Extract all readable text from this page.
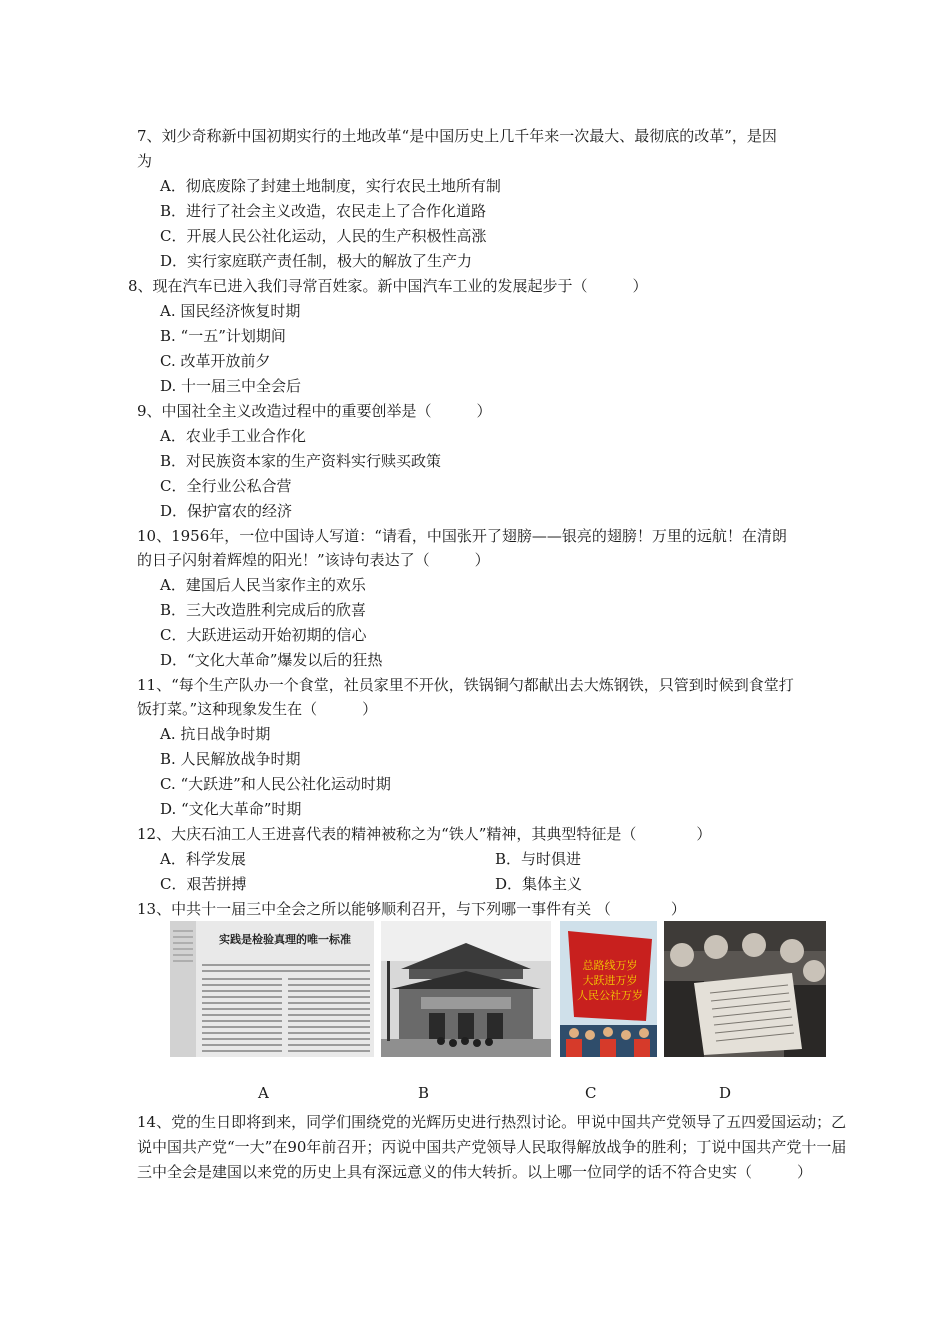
7、刘少奇称新中国初期实行的土地改革“是中国历史上几千年来一次最大、最彻底的改革”，是因
为
A．彻底废除了封建土地制度，实行农民土地所有制
B．进行了社会主义改造，农民走上了合作化道路
C．开展人民公社化运动，人民的生产积极性高涨
D．实行家庭联产责任制，极大的解放了生产力
8、现在汽车已进入我们寻常百姓家。新中国汽车工业的发展起步于（　　　）
A. 国民经济恢复时期
B. “一五”计划期间
C. 改革开放前夕
D. 十一届三中全会后
9、中国社全主义改造过程中的重要创举是（　　　）
A．农业手工业合作化
B．对民族资本家的生产资料实行赎买政策
C．全行业公私合营
D．保护富农的经济
10、1956年，一位中国诗人写道：“请看，中国张开了翅膀——银亮的翅膀！万里的远航！在清朗
的日子闪射着辉煌的阳光！”该诗句表达了（　　　）
A．建国后人民当家作主的欢乐
B．三大改造胜利完成后的欣喜
C．大跃进运动开始初期的信心
D．“文化大革命”爆发以后的狂热
11、“每个生产队办一个食堂，社员家里不开伙，铁锅铜勺都献出去大炼钢铁，只管到时候到食堂打
饭打菜。”这种现象发生在（　　　）
A. 抗日战争时期
B. 人民解放战争时期
C. “大跃进”和人民公社化运动时期
D. “文化大革命”时期
12、大庆石油工人王进喜代表的精神被称之为“铁人”精神，其典型特征是（　　　　）
A．科学发展	B．与时俱进
C．艰苦拼搏	D．集体主义
13、中共十一届三中全会之所以能够顺利召开，与下列哪一事件有关 （　　　　）
实践是检验真理的唯一标准
总路线万岁
大跃进万岁
人民公社万岁
A	B	C	D
14、党的生日即将到来，同学们围绕党的光辉历史进行热烈讨论。甲说中国共产党领导了五四爱国运动；乙说中国共产党“一大”在90年前召开；丙说中国共产党领导人民取得解放战争的胜利；丁说中国共产党十一届三中全会是建国以来党的历史上具有深远意义的伟大转折。以上哪一位同学的话不符合史实（　　　）
